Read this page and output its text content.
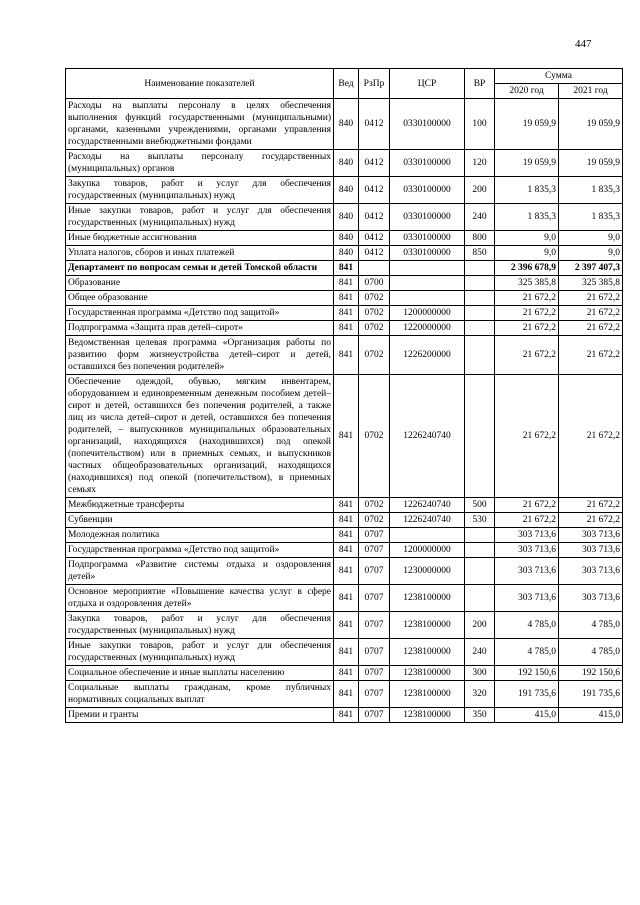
447
Наименование показателей	Вед	РзПр	ЦСР	ВР	Сумма	
					2020 год	2021 год
Расходы на выплаты персоналу в целях обеспечения выполнения функций государственными (муниципальными) органами, казенными учреждениями, органами управления государственными внебюджетными фондами	840	0412	0330100000	100	19 059,9	19 059,9
Расходы на выплаты персоналу государственных (муниципальных) органов	840	0412	0330100000	120	19 059,9	19 059,9
Закупка товаров, работ и услуг для обеспечения государственных (муниципальных) нужд	840	0412	0330100000	200	1 835,3	1 835,3
Иные закупки товаров, работ и услуг для обеспечения государственных (муниципальных) нужд	840	0412	0330100000	240	1 835,3	1 835,3
Иные бюджетные ассигнования	840	0412	0330100000	800	9,0	9,0
Уплата налогов, сборов и иных платежей	840	0412	0330100000	850	9,0	9,0
Департамент по вопросам семьи и детей Томской области	841				2 396 678,9	2 397 407,3
Образование	841	0700			325 385,8	325 385,8
Общее образование	841	0702			21 672,2	21 672,2
Государственная программа «Детство под защитой»	841	0702	1200000000		21 672,2	21 672,2
Подпрограмма «Защита прав детей–сирот»	841	0702	1220000000		21 672,2	21 672,2
Ведомственная целевая программа «Организация работы по развитию форм жизнеустройства детей–сирот и детей, оставшихся без попечения родителей»	841	0702	1226200000		21 672,2	21 672,2
Обеспечение одеждой, обувью, мягким инвентарем, оборудованием и единовременным денежным пособием детей–сирот и детей, оставшихся без попечения родителей, а также лиц из числа детей–сирот и детей, оставшихся без попечения родителей, – выпускников муниципальных образовательных организаций, находящихся (находившихся) под опекой (попечительством) или в приемных семьях, и выпускников частных общеобразовательных организаций, находящихся (находившихся) под опекой (попечительством), в приемных семьях	841	0702	1226240740		21 672,2	21 672,2
Межбюджетные трансферты	841	0702	1226240740	500	21 672,2	21 672,2
Субвенции	841	0702	1226240740	530	21 672,2	21 672,2
Молодежная политика	841	0707			303 713,6	303 713,6
Государственная программа «Детство под защитой»	841	0707	1200000000		303 713,6	303 713,6
Подпрограмма «Развитие системы отдыха и оздоровления детей»	841	0707	1230000000		303 713,6	303 713,6
Основное мероприятие «Повышение качества услуг в сфере отдыха и оздоровления детей»	841	0707	1238100000		303 713,6	303 713,6
Закупка товаров, работ и услуг для обеспечения государственных (муниципальных) нужд	841	0707	1238100000	200	4 785,0	4 785,0
Иные закупки товаров, работ и услуг для обеспечения государственных (муниципальных) нужд	841	0707	1238100000	240	4 785,0	4 785,0
Социальное обеспечение и иные выплаты населению	841	0707	1238100000	300	192 150,6	192 150,6
Социальные выплаты гражданам, кроме публичных нормативных социальных выплат	841	0707	1238100000	320	191 735,6	191 735,6
Премии и гранты	841	0707	1238100000	350	415,0	415,0
